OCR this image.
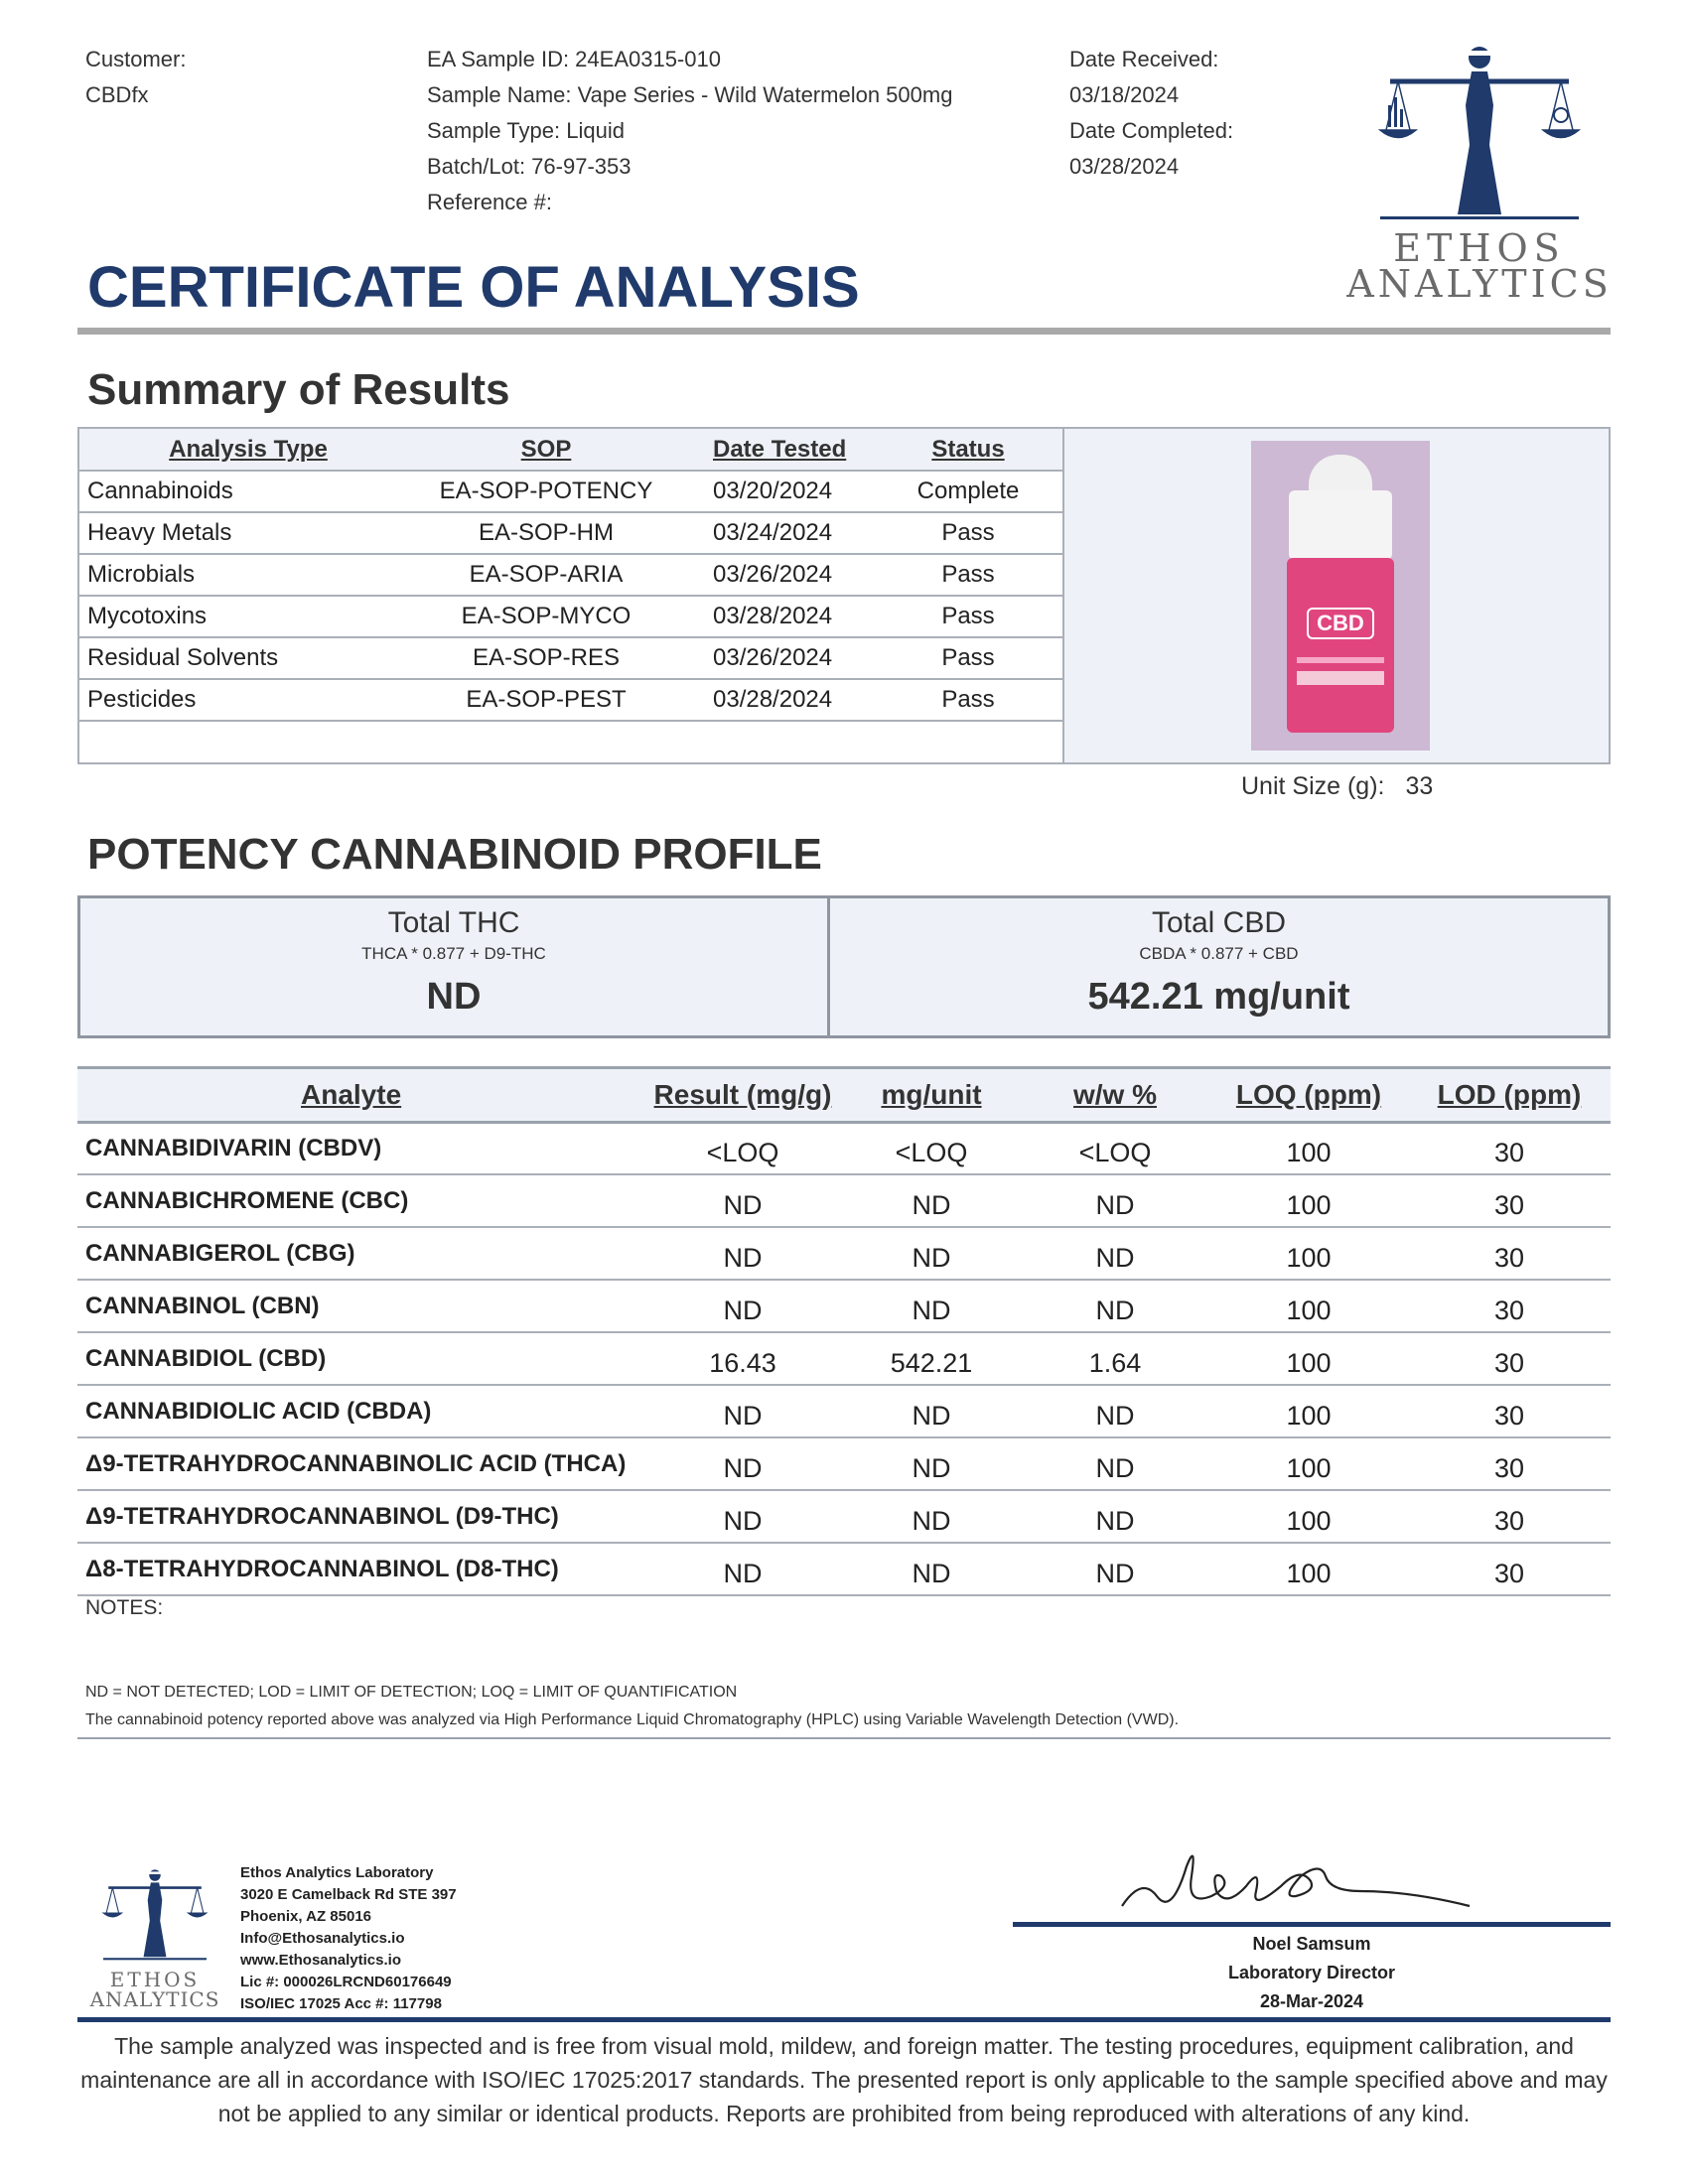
Customer:
CBDfx
EA Sample ID: 24EA0315-010
Sample Name: Vape Series - Wild Watermelon 500mg
Sample Type: Liquid
Batch/Lot: 76-97-353
Reference #:
Date Received:
03/18/2024
Date Completed:
03/28/2024
ETHOS
ANALYTICS
CERTIFICATE OF ANALYSIS
Summary of Results
Analysis Type	SOP	Date Tested	Status
Cannabinoids	EA-SOP-POTENCY	03/20/2024	Complete
Heavy Metals	EA-SOP-HM	03/24/2024	Pass
Microbials	EA-SOP-ARIA	03/26/2024	Pass
Mycotoxins	EA-SOP-MYCO	03/28/2024	Pass
Residual Solvents	EA-SOP-RES	03/26/2024	Pass
Pesticides	EA-SOP-PEST	03/28/2024	Pass
CBD
Unit Size (g): 33
POTENCY CANNABINOID PROFILE
Total THC
THCA * 0.877 + D9-THC
ND
Total CBD
CBDA * 0.877 + CBD
542.21 mg/unit
Analyte	Result (mg/g)	mg/unit	w/w %	LOQ (ppm)	LOD (ppm)
CANNABIDIVARIN (CBDV)	<LOQ	<LOQ	<LOQ	100	30
CANNABICHROMENE (CBC)	ND	ND	ND	100	30
CANNABIGEROL (CBG)	ND	ND	ND	100	30
CANNABINOL (CBN)	ND	ND	ND	100	30
CANNABIDIOL (CBD)	16.43	542.21	1.64	100	30
CANNABIDIOLIC ACID (CBDA)	ND	ND	ND	100	30
Δ9-TETRAHYDROCANNABINOLIC ACID (THCA)	ND	ND	ND	100	30
Δ9-TETRAHYDROCANNABINOL (D9-THC)	ND	ND	ND	100	30
Δ8-TETRAHYDROCANNABINOL (D8-THC)	ND	ND	ND	100	30
NOTES:
ND = NOT DETECTED; LOD = LIMIT OF DETECTION; LOQ = LIMIT OF QUANTIFICATION
The cannabinoid potency reported above was analyzed via High Performance Liquid Chromatography (HPLC) using Variable Wavelength Detection (VWD).
ETHOS
ANALYTICS
Ethos Analytics Laboratory
3020 E Camelback Rd STE 397
Phoenix, AZ 85016
Info@Ethosanalytics.io
www.Ethosanalytics.io
Lic #: 000026LRCND60176649
ISO/IEC 17025 Acc #: 117798
Noel Samsum
Laboratory Director
28-Mar-2024
The sample analyzed was inspected and is free from visual mold, mildew, and foreign matter. The testing procedures, equipment calibration, and
maintenance are all in accordance with ISO/IEC 17025:2017 standards. The presented report is only applicable to the sample specified above and may
not be applied to any similar or identical products. Reports are prohibited from being reproduced with alterations of any kind.
